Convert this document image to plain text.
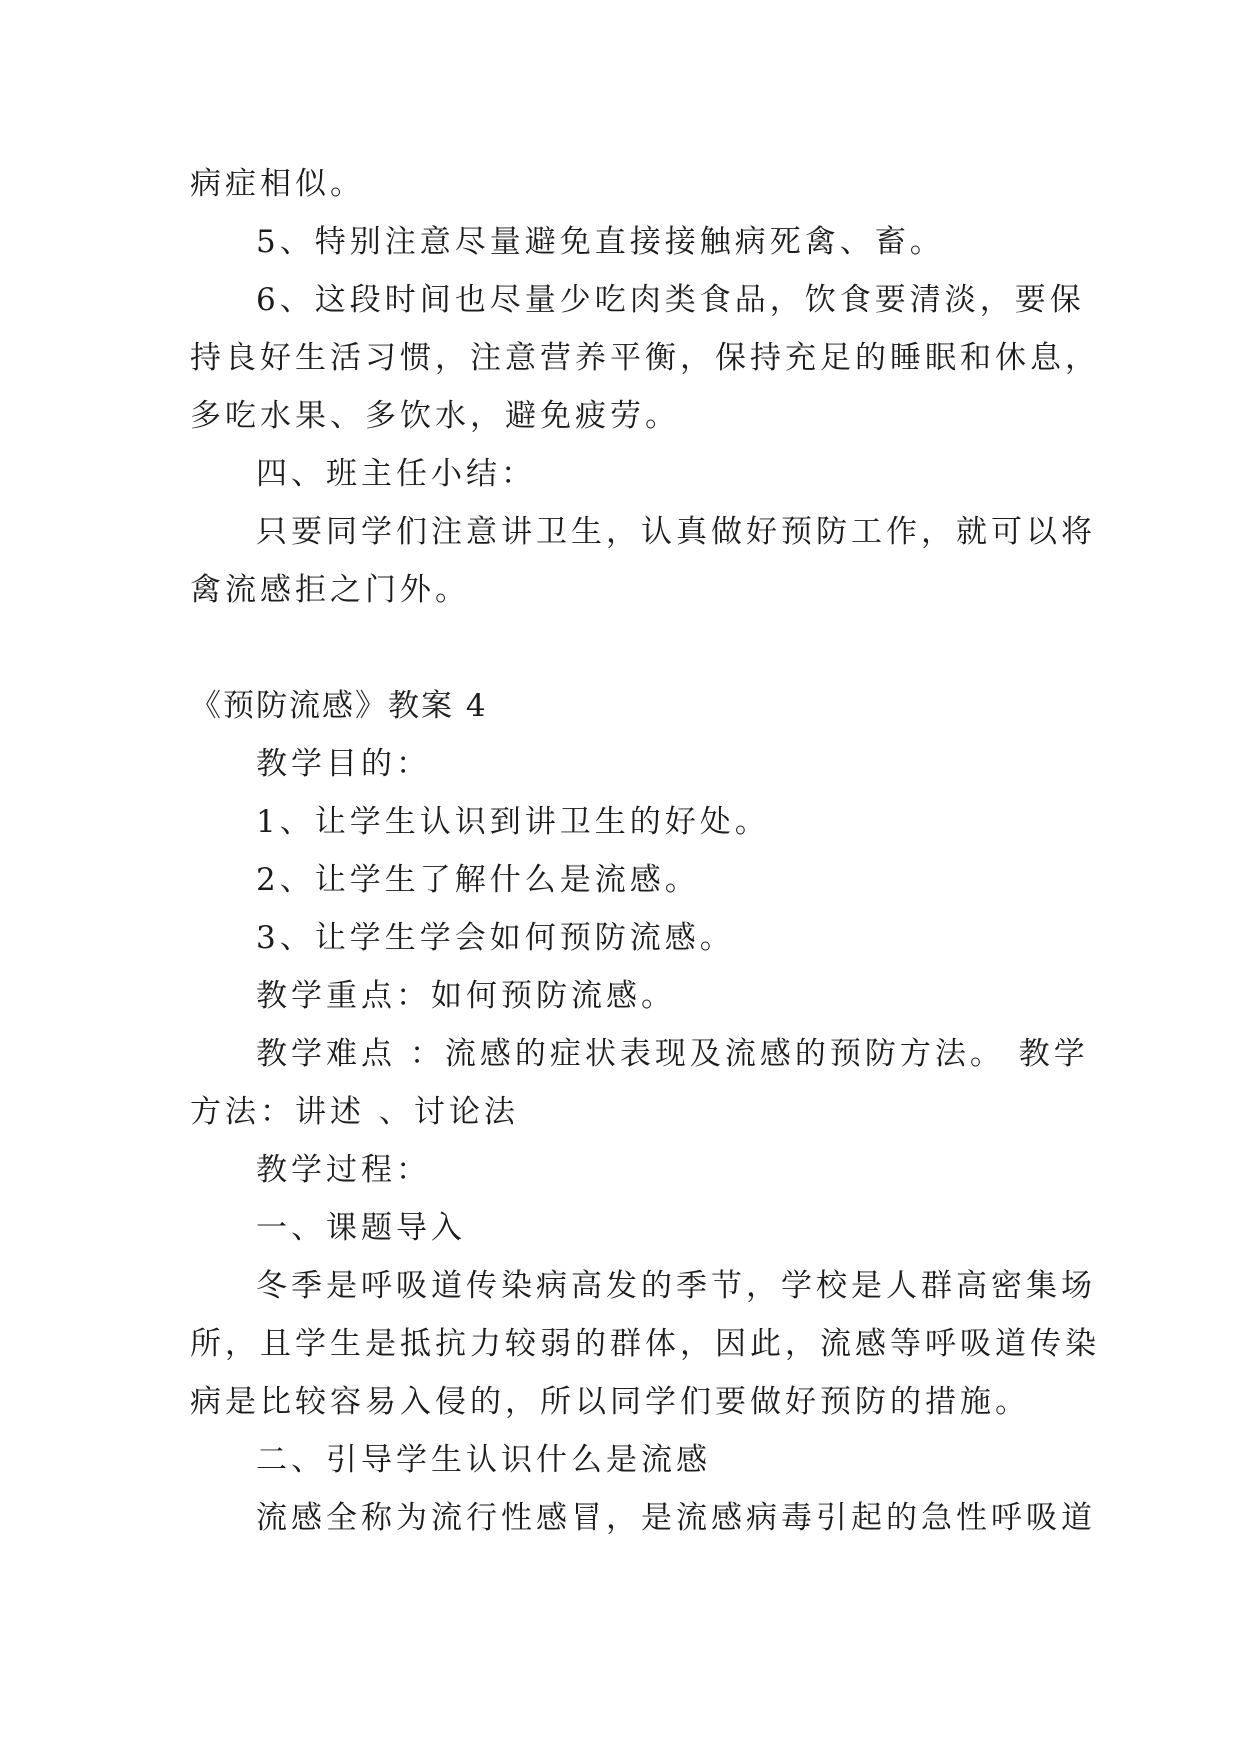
病症相似。

5、特别注意尽量避免直接接触病死禽、畜。

6、这段时间也尽量少吃肉类食品，饮食要清淡，要保

持良好生活习惯，注意营养平衡，保持充足的睡眠和休息，

多吃水果、多饮水，避免疲劳。

四、班主任小结：

只要同学们注意讲卫生，认真做好预防工作，就可以将

禽流感拒之门外。

《预防流感》教案 4

教学目的：

1、让学生认识到讲卫生的好处。

2、让学生了解什么是流感。

3、让学生学会如何预防流感。

教学重点：如何预防流感。

教学难点 ：流感的症状表现及流感的预防方法。 教学

方法：讲述 、讨论法

教学过程：

一、课题导入

冬季是呼吸道传染病高发的季节，学校是人群高密集场

所，且学生是抵抗力较弱的群体，因此，流感等呼吸道传染

病是比较容易入侵的，所以同学们要做好预防的措施。

二、引导学生认识什么是流感

流感全称为流行性感冒，是流感病毒引起的急性呼吸道
